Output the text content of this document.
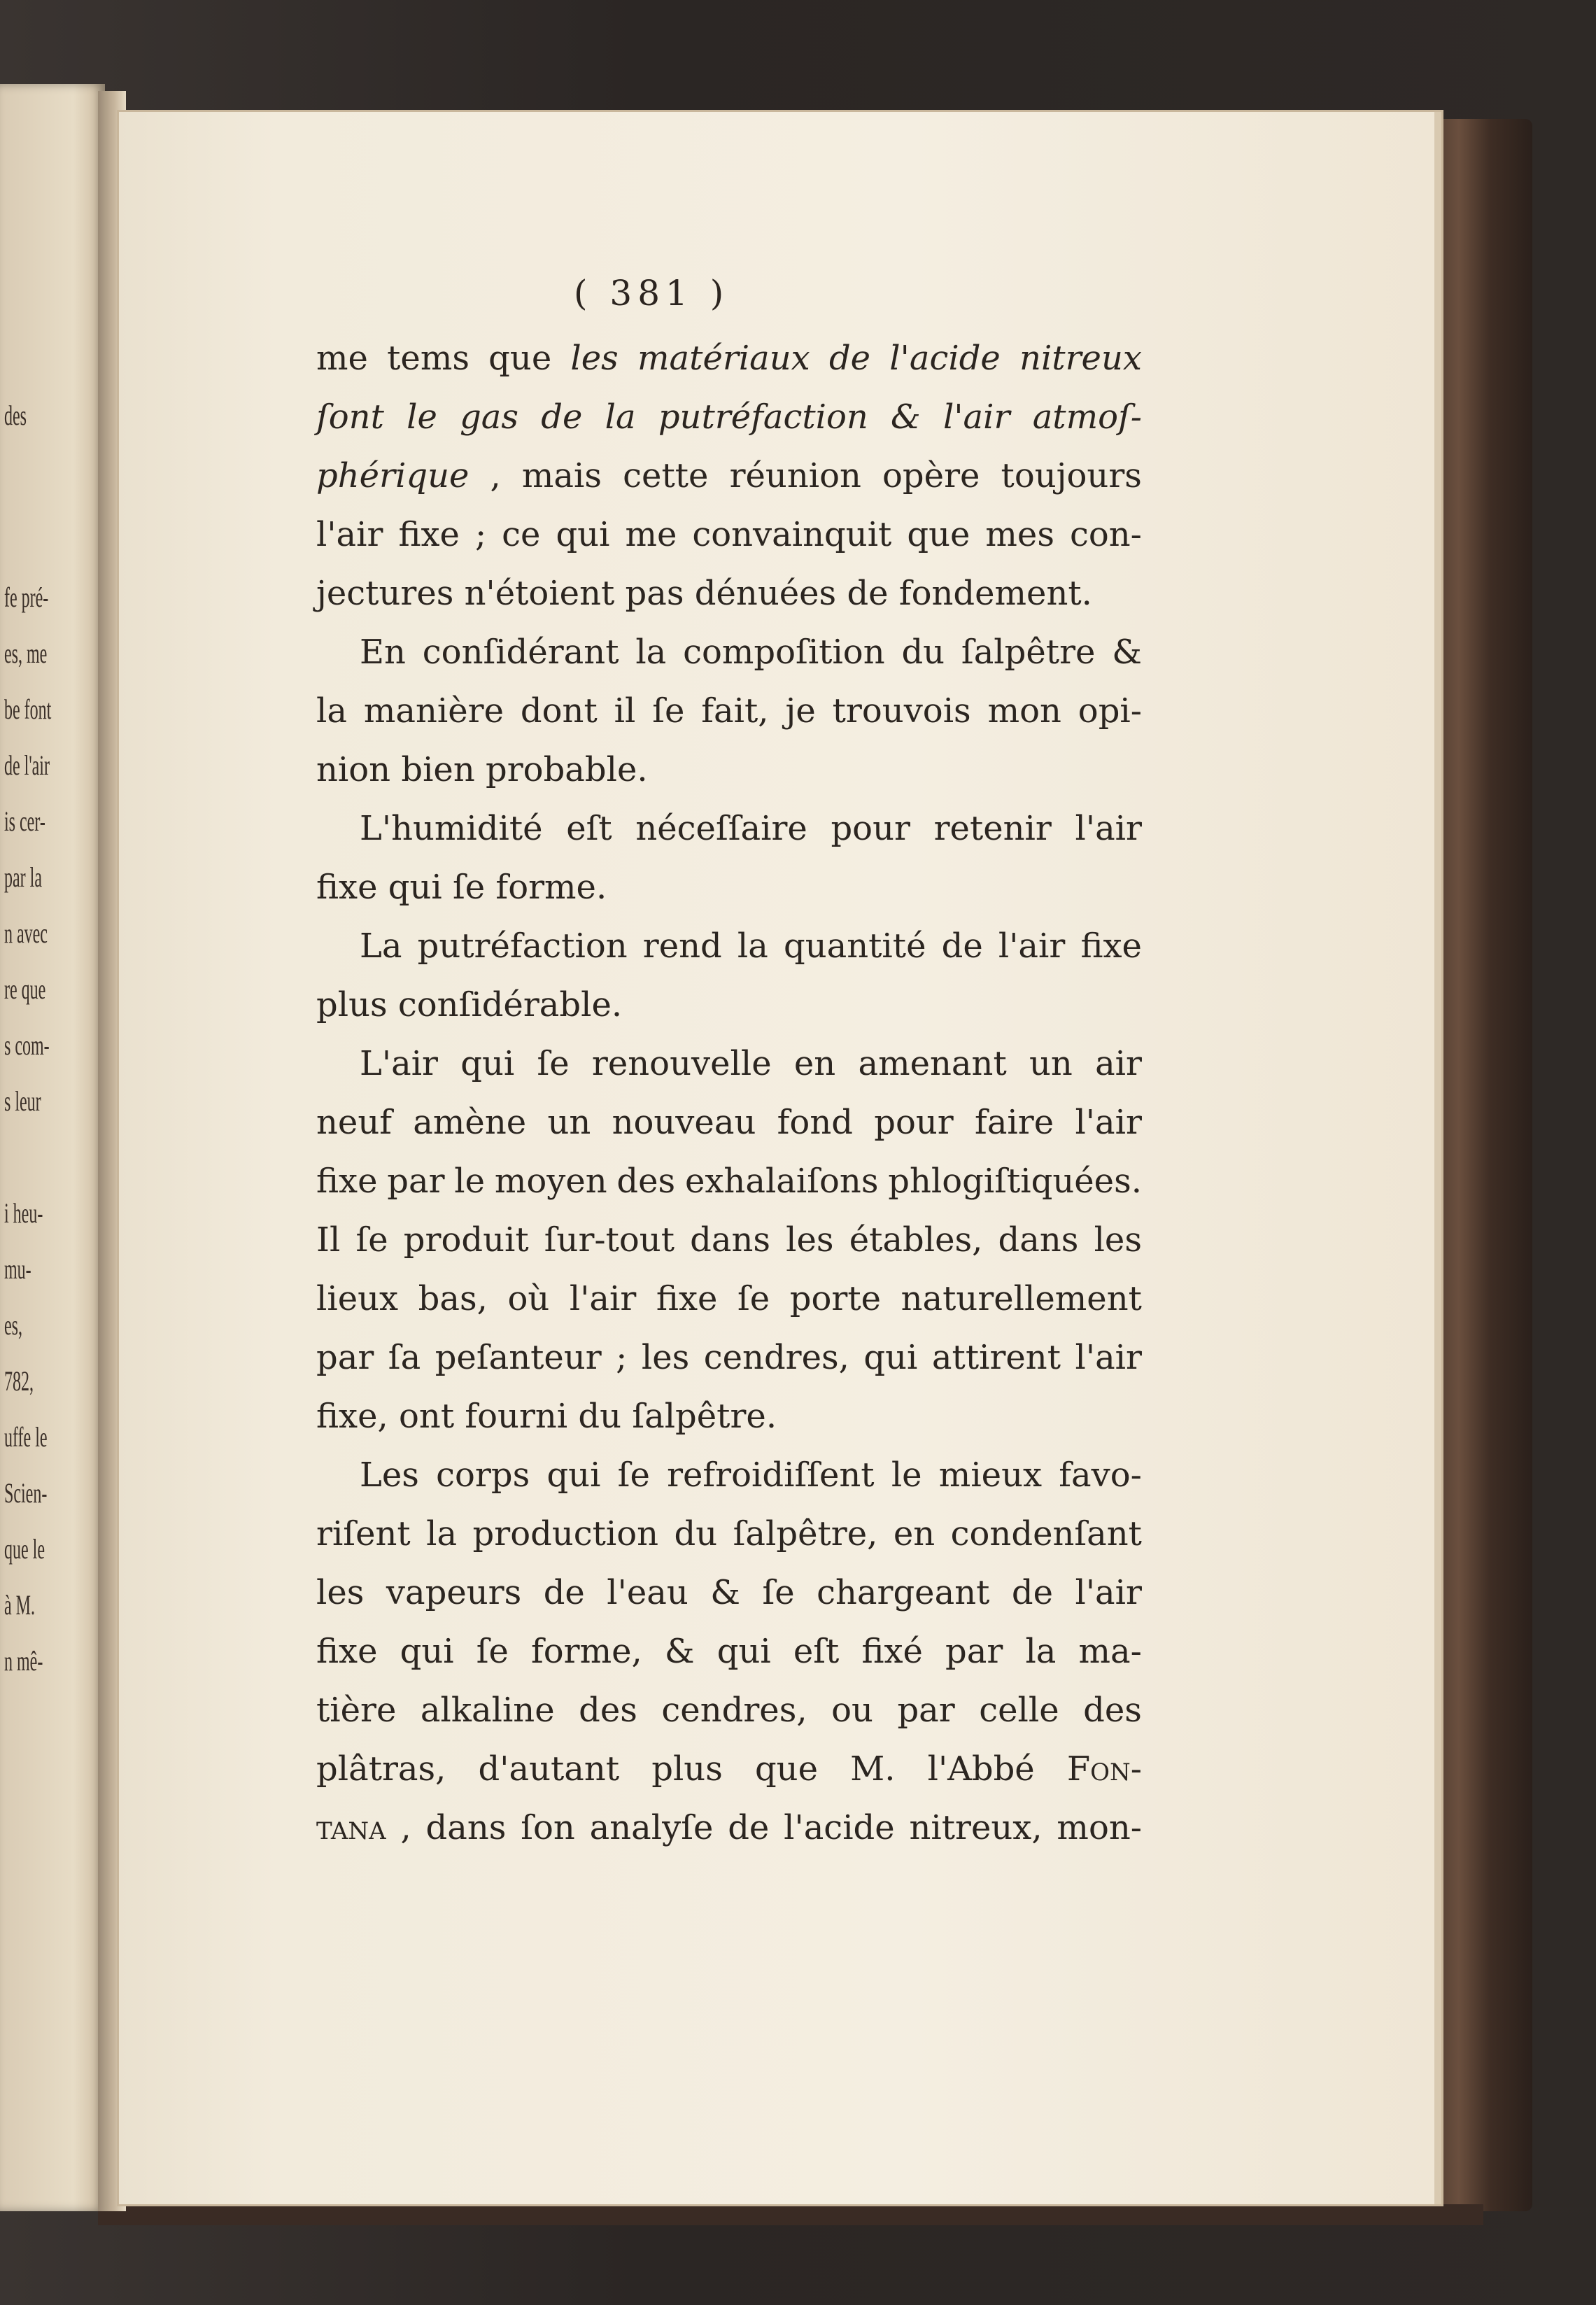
des
fe pré-
es, me
be font
de l'air
is cer-
par la
n avec
re que
s com-
s leur
i heu-
mu-
es,
782,
uffe le
Scien-
que le
à M.
n mê-
( 381 )
me tems que les matériaux de l'acide nitreux
ſont le gas de la putréfaction & l'air atmoſ-
phérique , mais cette réunion opère toujours
l'air fixe ; ce qui me convainquit que mes con-
jectures n'étoient pas dénuées de fondement.
En conſidérant la compoſition du ſalpêtre &
la manière dont il ſe fait, je trouvois mon opi-
nion bien probable.
L'humidité eſt néceſſaire pour retenir l'air
fixe qui ſe forme.
La putréfaction rend la quantité de l'air fixe
plus conſidérable.
L'air qui ſe renouvelle en amenant un air
neuf amène un nouveau fond pour faire l'air
fixe par le moyen des exhalaiſons phlogiſtiquées.
Il ſe produit ſur-tout dans les étables, dans les
lieux bas, où l'air fixe ſe porte naturellement
par ſa peſanteur ; les cendres, qui attirent l'air
fixe, ont fourni du ſalpêtre.
Les corps qui ſe refroidiſſent le mieux favo-
riſent la production du ſalpêtre, en condenſant
les vapeurs de l'eau & ſe chargeant de l'air
fixe qui ſe forme, & qui eſt fixé par la ma-
tière alkaline des cendres, ou par celle des
plâtras, d'autant plus que M. l'Abbé Fon-
tana , dans ſon analyſe de l'acide nitreux, mon-
